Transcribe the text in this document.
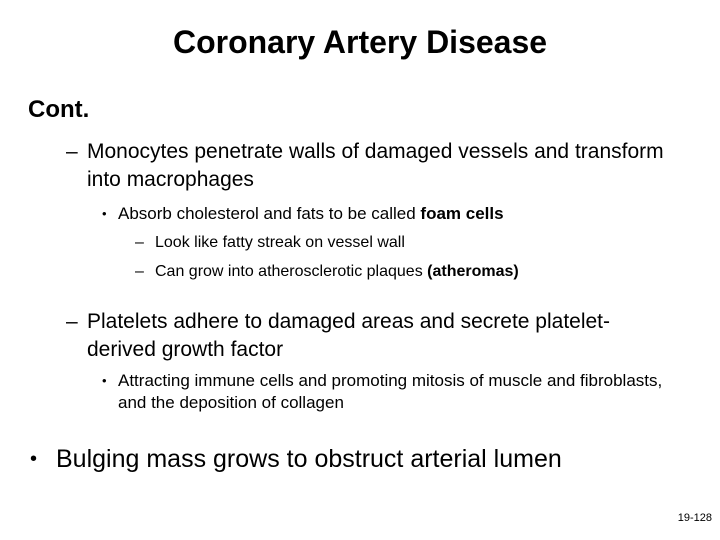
Coronary Artery Disease
Cont.
– Monocytes penetrate walls of damaged vessels and transform into macrophages
• Absorb cholesterol and fats to be called foam cells
– Look like fatty streak on vessel wall
– Can grow into atherosclerotic plaques (atheromas)
– Platelets adhere to damaged areas and secrete platelet-derived growth factor
• Attracting immune cells and promoting mitosis of muscle and fibroblasts, and the deposition of collagen
• Bulging mass grows to obstruct arterial lumen
19-128
